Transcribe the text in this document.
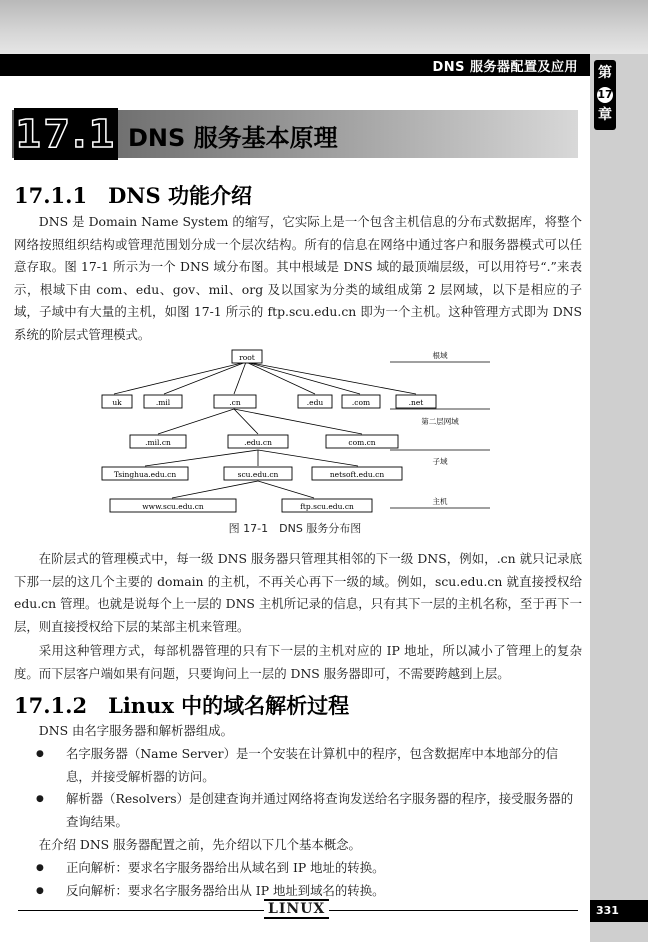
DNS 服务器配置及应用 第
17
章
331
17.1 DNS 服务基本原理
17.1.1　DNS 功能介绍

DNS 是 Domain Name System 的缩写，它实际上是一个包含主机信息的分布式数据库，将整个网络按照组织结构或管理范围划分成一个层次结构。所有的信息在网络中通过客户和服务器模式可以任意存取。图 17-1 所示为一个 DNS 域分布图。其中根域是 DNS 域的最顶端层级，可以用符号“.”来表示，根域下由 com、edu、gov、mil、org 及以国家为分类的域组成第 2 层网域，以下是相应的子域，子域中有大量的主机，如图 17-1 所示的 ftp.scu.edu.cn 即为一个主机。这种管理方式即为 DNS 系统的阶层式管理模式。

root
uk	.mil	.cn	.edu	.com	.net
.mil.cn	.edu.cn	com.cn
Tsinghua.edu.cn	scu.edu.cn	netsoft.edu.cn
www.scu.edu.cn	ftp.scu.edu.cn
根域
第二层网域
子域
主机
图 17-1　DNS 服务分布图

在阶层式的管理模式中，每一级 DNS 服务器只管理其相邻的下一级 DNS，例如，.cn 就只记录底下那一层的这几个主要的 domain 的主机，不再关心再下一级的域。例如，scu.edu.cn 就直接授权给 edu.cn 管理。也就是说每个上一层的 DNS 主机所记录的信息，只有其下一层的主机名称，至于再下一层，则直接授权给下层的某部主机来管理。

采用这种管理方式，每部机器管理的只有下一层的主机对应的 IP 地址，所以减小了管理上的复杂度。而下层客户端如果有问题，只要询问上一层的 DNS 服务器即可，不需要跨越到上层。

17.1.2　Linux 中的域名解析过程

DNS 由名字服务器和解析器组成。

● 名字服务器（Name Server）是一个安装在计算机中的程序，包含数据库中本地部分的信息，并接受解析器的访问。
● 解析器（Resolvers）是创建查询并通过网络将查询发送给名字服务器的程序，接受服务器的查询结果。

在介绍 DNS 服务器配置之前，先介绍以下几个基本概念。

● 正向解析：要求名字服务器给出从域名到 IP 地址的转换。
● 反向解析：要求名字服务器给出从 IP 地址到域名的转换。
LINUX
